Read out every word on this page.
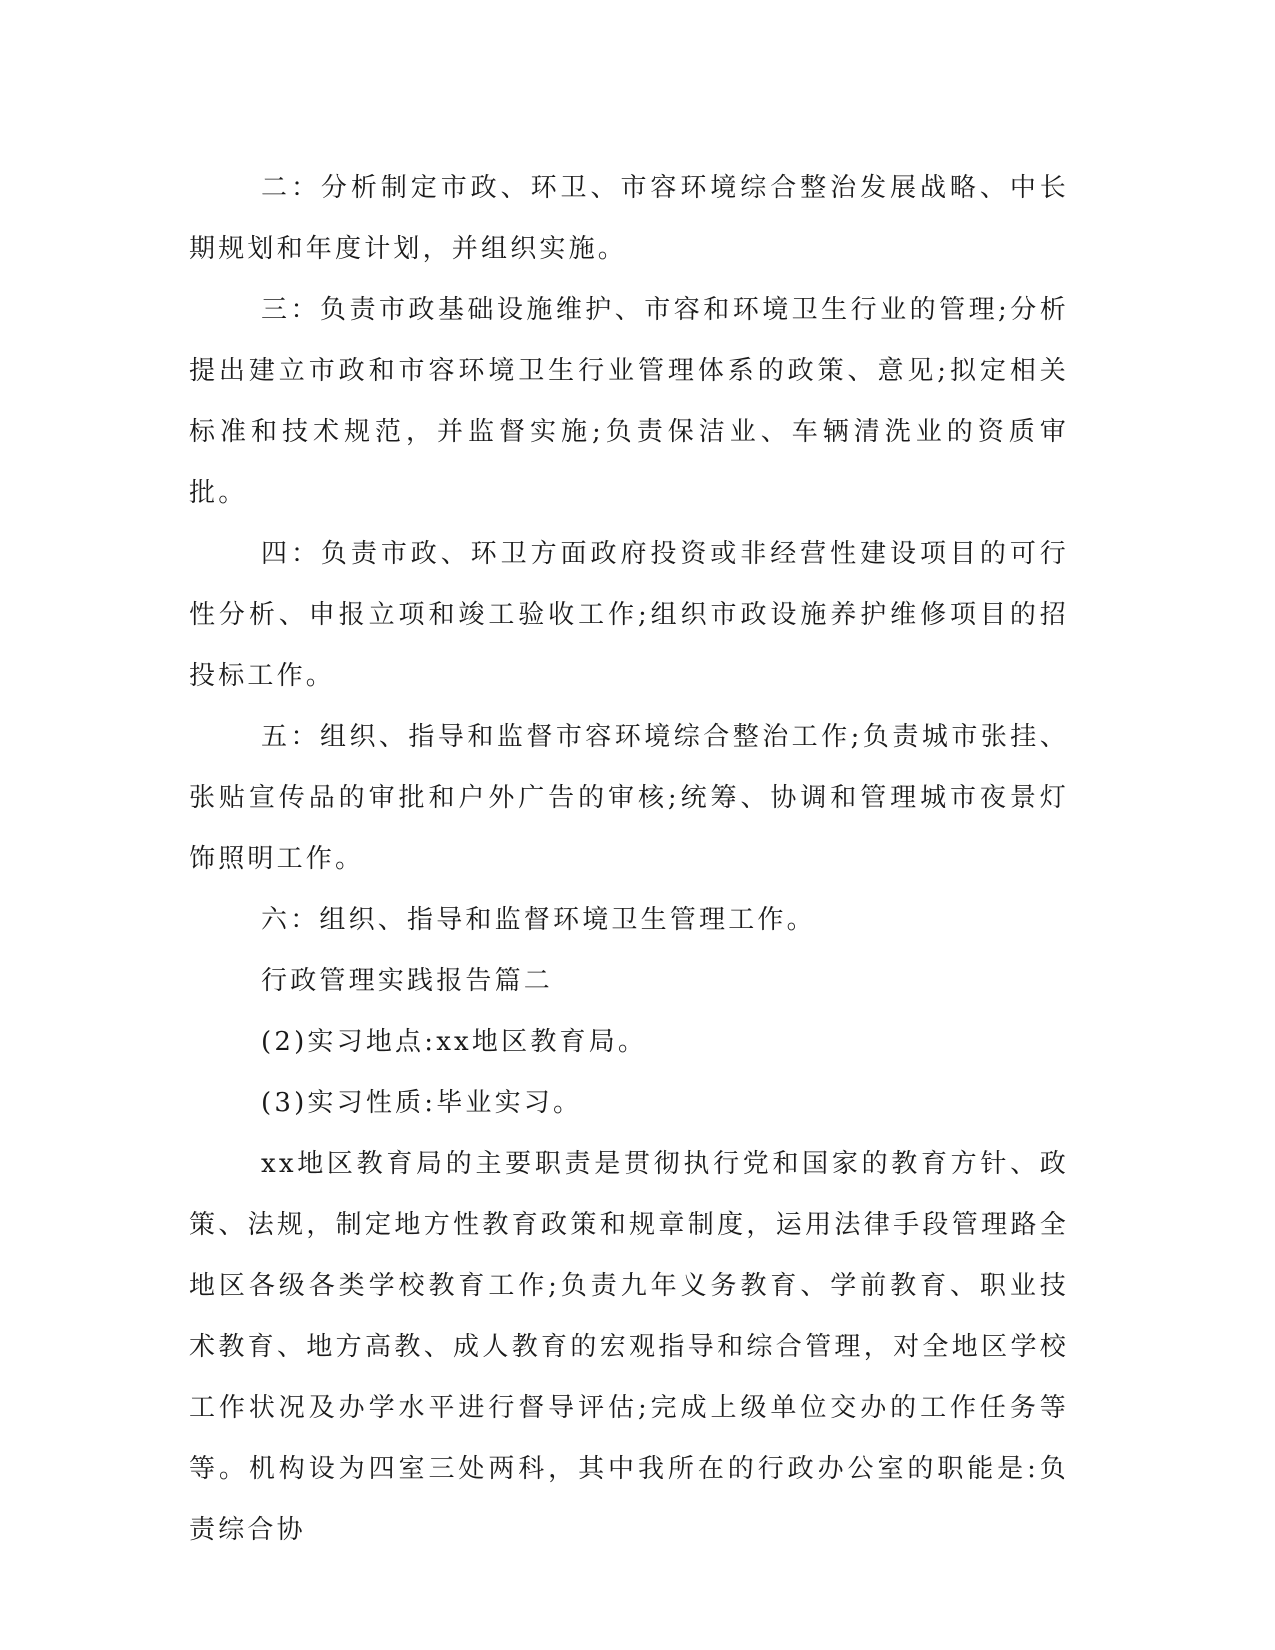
二：分析制定市政、环卫、市容环境综合整治发展战略、中长期规划和年度计划，并组织实施。

三：负责市政基础设施维护、市容和环境卫生行业的管理;分析提出建立市政和市容环境卫生行业管理体系的政策、意见;拟定相关标准和技术规范，并监督实施;负责保洁业、车辆清洗业的资质审批。

四：负责市政、环卫方面政府投资或非经营性建设项目的可行性分析、申报立项和竣工验收工作;组织市政设施养护维修项目的招投标工作。

五：组织、指导和监督市容环境综合整治工作;负责城市张挂、张贴宣传品的审批和户外广告的审核;统筹、协调和管理城市夜景灯饰照明工作。

六：组织、指导和监督环境卫生管理工作。

行政管理实践报告篇二

(2)实习地点:xx地区教育局。

(3)实习性质:毕业实习。

xx地区教育局的主要职责是贯彻执行党和国家的教育方针、政策、法规，制定地方性教育政策和规章制度，运用法律手段管理路全地区各级各类学校教育工作;负责九年义务教育、学前教育、职业技术教育、地方高教、成人教育的宏观指导和综合管理，对全地区学校工作状况及办学水平进行督导评估;完成上级单位交办的工作任务等等。机构设为四室三处两科，其中我所在的行政办公室的职能是:负责综合协
